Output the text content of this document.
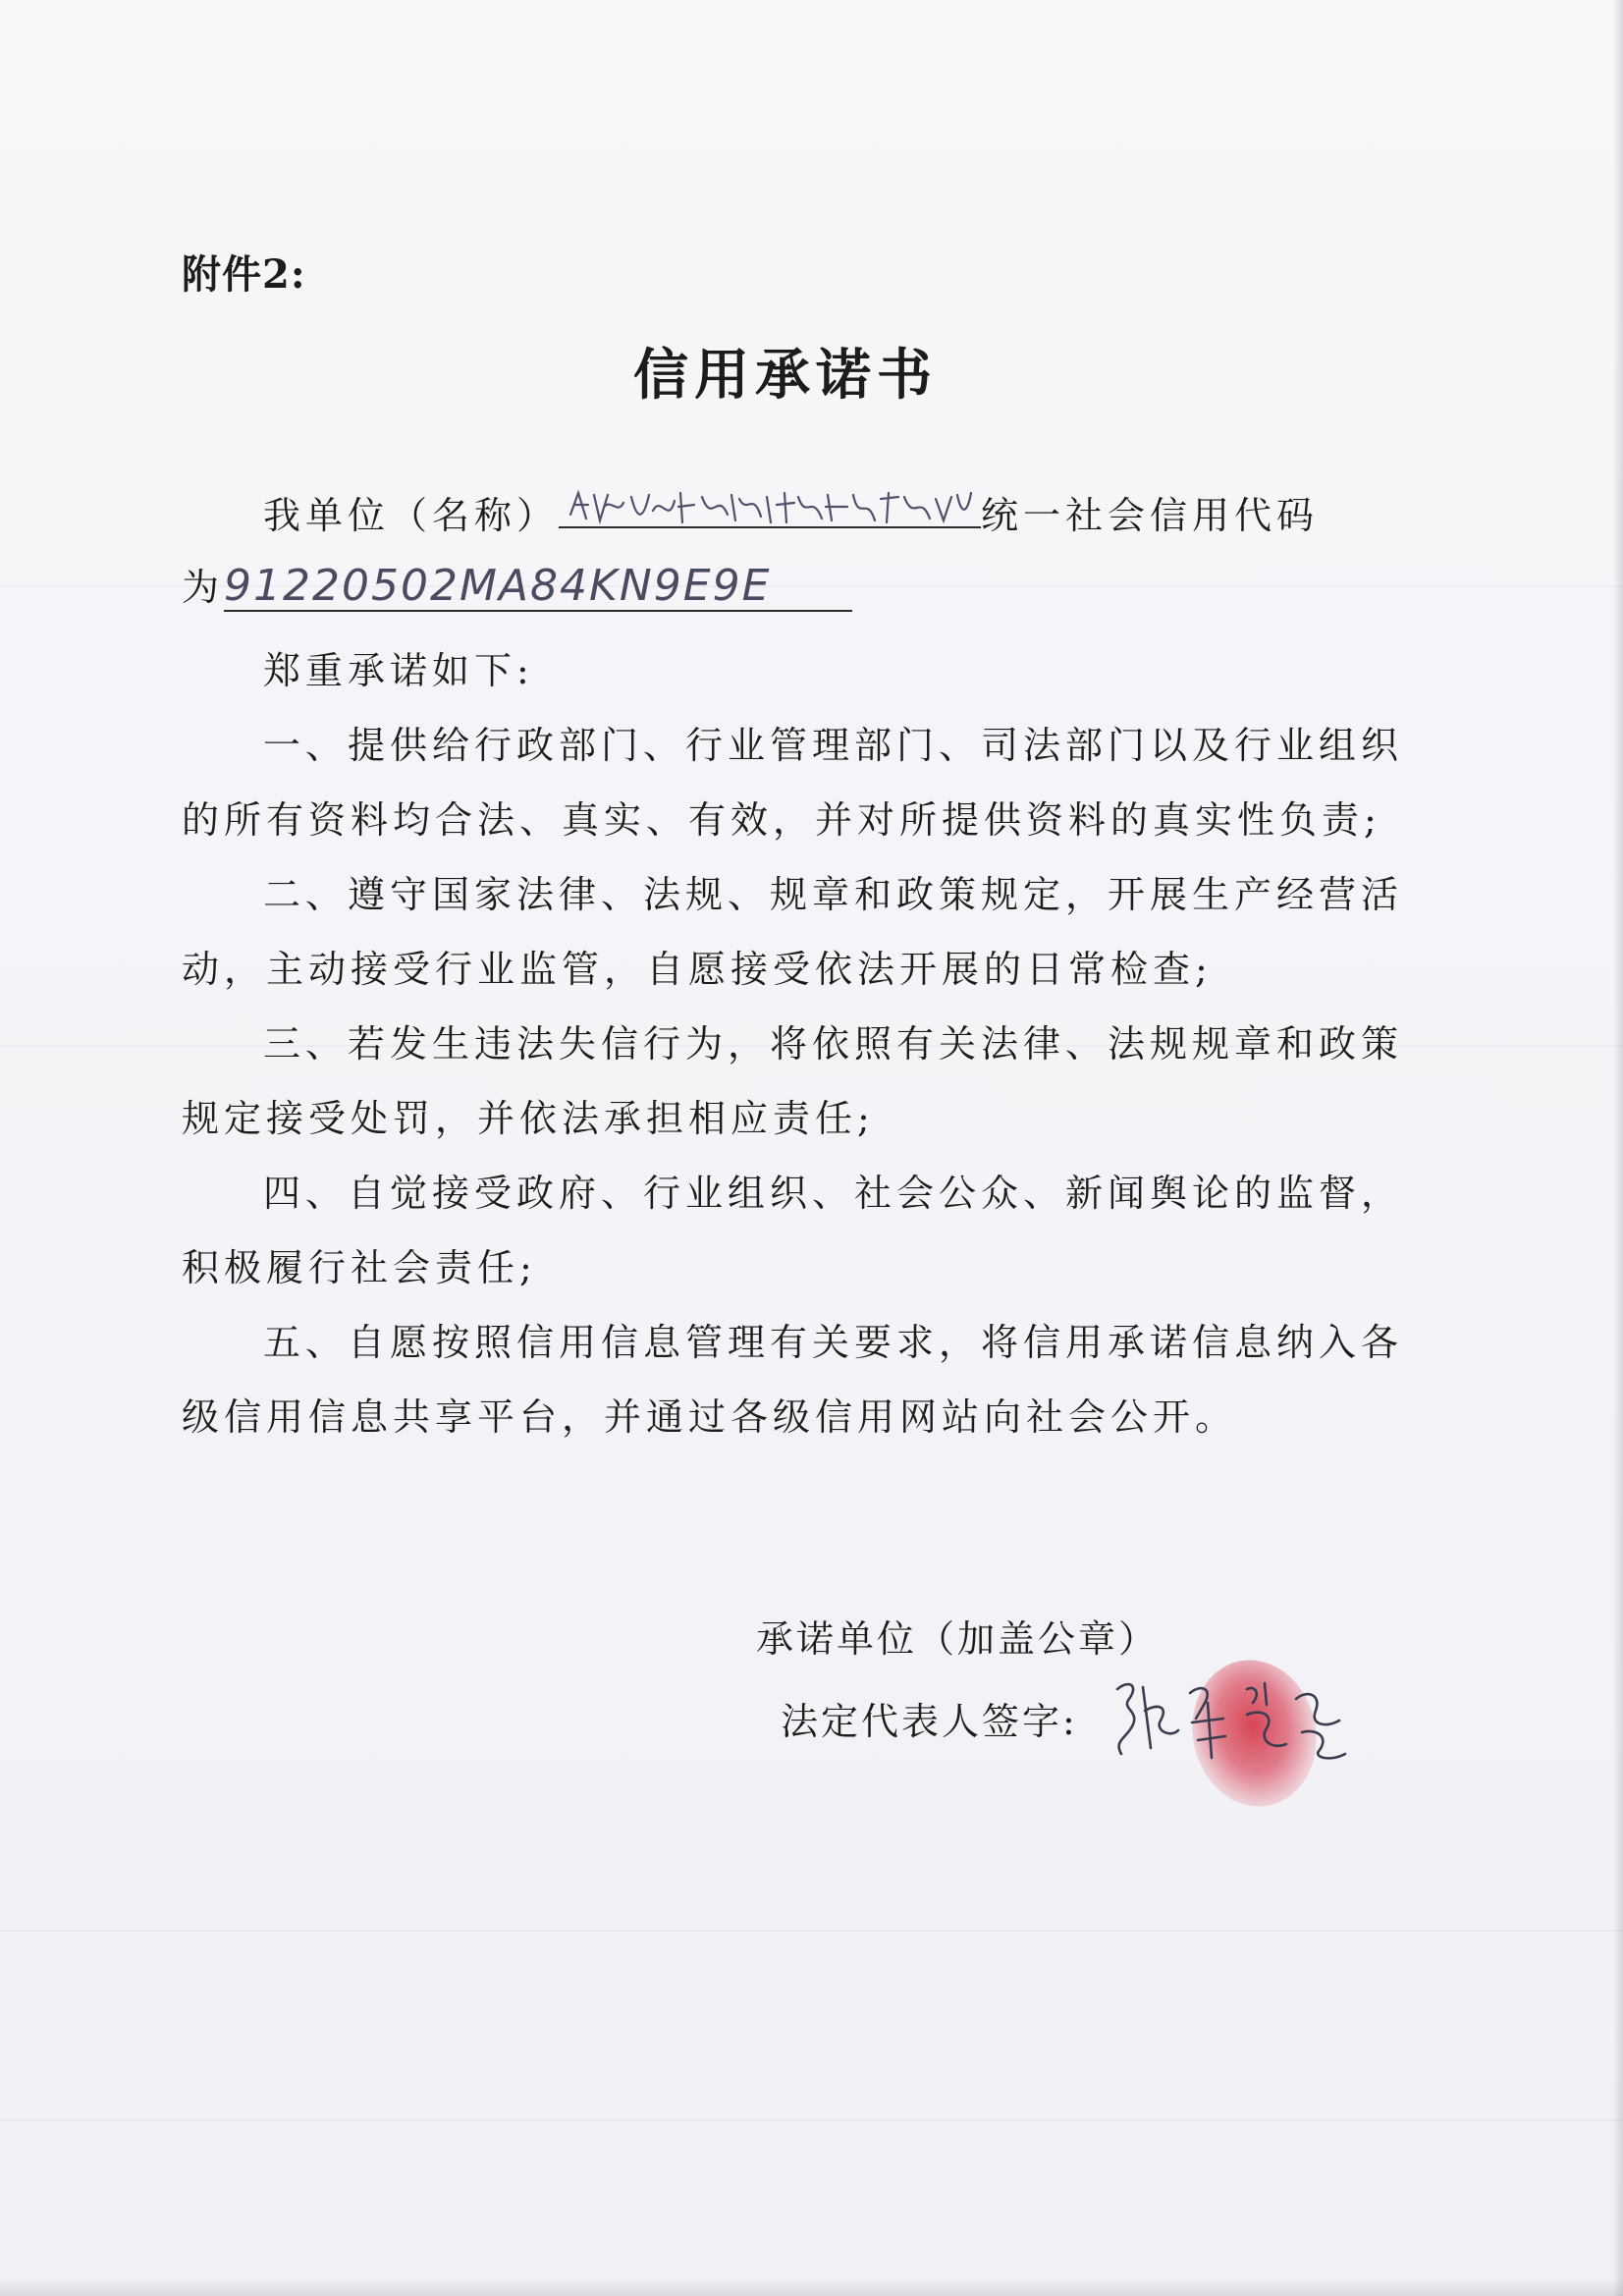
附件2:
信用承诺书
我单位（名称）	统一社会信用代码
为91220502MA84KN9E9E
郑重承诺如下:
一、提供给行政部门、行业管理部门、司法部门以及行业组织
的所有资料均合法、真实、有效，并对所提供资料的真实性负责;
二、遵守国家法律、法规、规章和政策规定，开展生产经营活
动，主动接受行业监管，自愿接受依法开展的日常检查;
三、若发生违法失信行为，将依照有关法律、法规规章和政策
规定接受处罚，并依法承担相应责任;
四、自觉接受政府、行业组织、社会公众、新闻舆论的监督，
积极履行社会责任;
五、自愿按照信用信息管理有关要求，将信用承诺信息纳入各
级信用信息共享平台，并通过各级信用网站向社会公开。
承诺单位（加盖公章）
法定代表人签字:
